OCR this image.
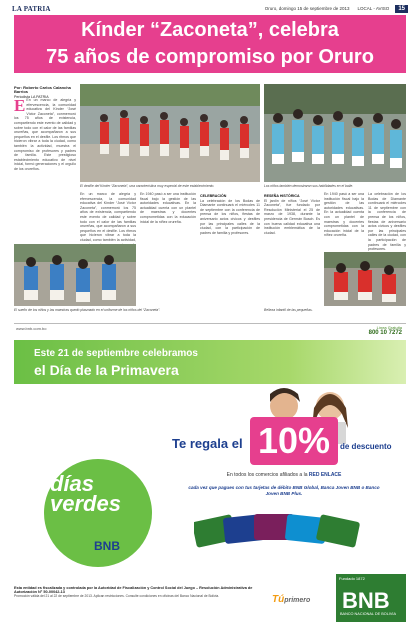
LA PATRIA	Oruro, domingo 15 de septiembre de 2013 LOCAL - AVISO	15
Kínder “Zaconeta”, celebra
75 años de compromiso por Oruro
Por: Roberto Carlos Calancha Barrios
Periodista LA PATRIA
E En un marco de alegría y efervescencia, la comunidad educativa del Kínder “José Víctor Zaconeta”, conmemoró los 75 años de existencia, compartiendo este evento de calidad y sobre todo con el calor de las familias orureñas, que acompañaron a sus pequeños en el desfile. Los ritmos que hicieron vibrar a toda la ciudad, como también la actividad, muestra el compromiso de profesores y padres de familia. Este prestigioso establecimiento educativo de nivel inicial, formó generaciones y el orgullo de los orureños.
El desfile del Kínder “Zaconeta”, una característica muy especial de este establecimiento.	Los niños también demostraron sus habilidades en el baile.
En un marco de alegría y efervescencia, la comunidad educativa del Kínder “José Víctor Zaconeta”, conmemoró los 75 años de existencia, compartiendo este evento de calidad y sobre todo con el calor de las familias orureñas, que acompañaron a sus pequeños en el desfile. Los ritmos que hicieron vibrar a toda la ciudad, como también la actividad,
En 1940 pasó a ser una institución fiscal bajo la gestión de las autoridades educativas. En la actualidad cuenta con un plantel de maestras y docentes comprometidas con la educación inicial de la niñez orureña.
CELEBRACIÓN
La celebración de los Bodas de Diamante continuará el miércoles 11 de septiembre con la conferencia de prensa de los niños, fiestas de aniversario actos cívicos y desfiles por las principales calles de la ciudad, con la participación de padres de familia y profesores.
RESEÑA HISTÓRICA
El jardín de niños “José Víctor Zaconeta”, fue fundado por Resolución Ministerial el 25 de marzo de 1938, durante la presidencia de Germán Busch. Es con buena calidad educativa una institución emblemática de la ciudad.
En 1940 pasó a ser una institución fiscal bajo la gestión de las autoridades educativas. En la actualidad cuenta con un plantel de maestras y docentes comprometidas con la educación inicial de la niñez orureña.
La celebración de los Bodas de Diamante continuará el miércoles 11 de septiembre con la conferencia de prensa de los niños, fiestas de aniversario actos cívicos y desfiles por las principales calles de la ciudad, con la participación de padres de familia y profesores.
El sueño de los niños y las maestras quedó plasmado en el uniforme de los niños del “Zaconeta”.	Belleza infantil de las pequeñas.
www.bnb.com.bo	Línea Gratuita
800 10 7272
Este 21 de septiembre celebramos
el Día de la Primavera
días verdes
BNB
Te regala el 10%	de descuento
En todos los comercios afiliados a la RED ENLACE
cada vez que pagues con tus tarjetas de débito BNB Global, Banca Joven BNB o Banco Joven BNB Plus.
Esta entidad es fiscalizada y controlada por la Autoridad de Fiscalización y Control Social del Juego – Resolución Administrativa de Autorización N° 50-00042-13
Promoción válida del 21 al 22 de septiembre de 2013. Aplican restricciones. Consulte condiciones en oficinas del Banco Nacional de Bolivia.	Túprimero
Fundado 1872
BNB
BANCO NACIONAL DE BOLIVIA
